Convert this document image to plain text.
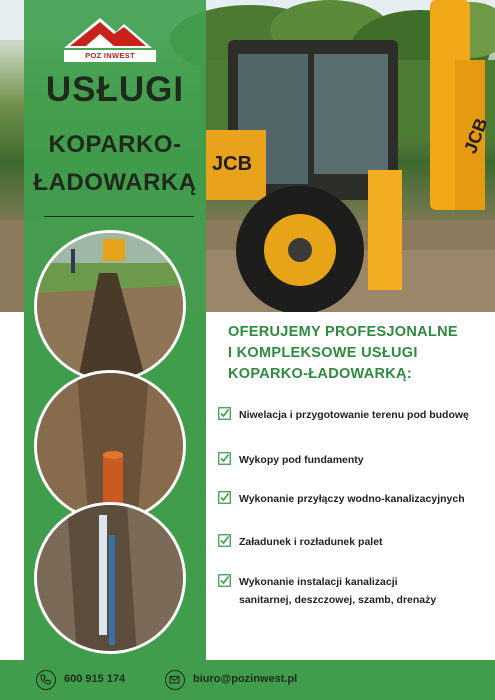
JCB
JCB
POZ INWEST
USŁUGI
KOPARKO-
ŁADOWARKĄ
OFERUJEMY PROFESJONALNE
I KOMPLEKSOWE USŁUGI
KOPARKO-ŁADOWARKĄ:
Niwelacja i przygotowanie terenu pod budowę
Wykopy pod fundamenty
Wykonanie przyłączy wodno-kanalizacyjnych
Załadunek i rozładunek palet
Wykonanie instalacji kanalizacji
sanitarnej, deszczowej, szamb, drenaży
600 915 174	biuro@pozinwest.pl
